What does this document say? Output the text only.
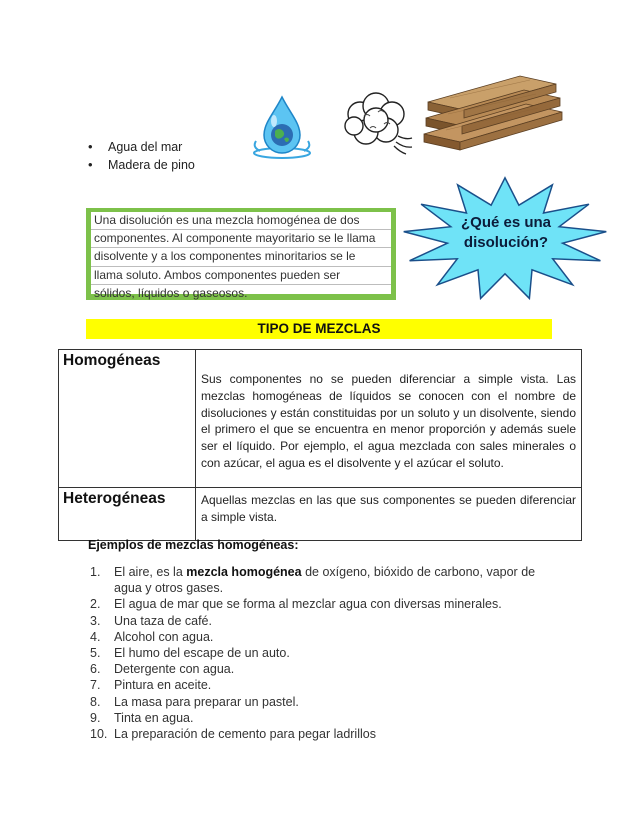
• Agua del mar
• Madera de pino
Una disolución es una mezcla homogénea de dos
componentes. Al componente mayoritario se le llama
disolvente y a los componentes minoritarios se le
llama soluto. Ambos componentes pueden ser
sólidos, líquidos o gaseosos.
¿Qué es una
disolución?
TIPO DE MEZCLAS
Homogéneas	Sus componentes no se pueden diferenciar a simple vista. Las mezclas homogéneas de líquidos se conocen con el nombre de disoluciones y están constituidas por un soluto y un disolvente, siendo el primero el que se encuentra en menor proporción y además suele ser el líquido. Por ejemplo, el agua mezclada con sales minerales o con azúcar, el agua es el disolvente y el azúcar el soluto.
Heterogéneas	Aquellas mezclas en las que sus componentes se pueden diferenciar a simple vista.
Ejemplos de mezclas homogéneas:
1. El aire, es la mezcla homogénea de oxígeno, bióxido de carbono, vapor de agua y otros gases.
2. El agua de mar que se forma al mezclar agua con diversas minerales.
3. Una taza de café.
4. Alcohol con agua.
5. El humo del escape de un auto.
6. Detergente con agua.
7. Pintura en aceite.
8. La masa para preparar un pastel.
9. Tinta en agua.
10. La preparación de cemento para pegar ladrillos
